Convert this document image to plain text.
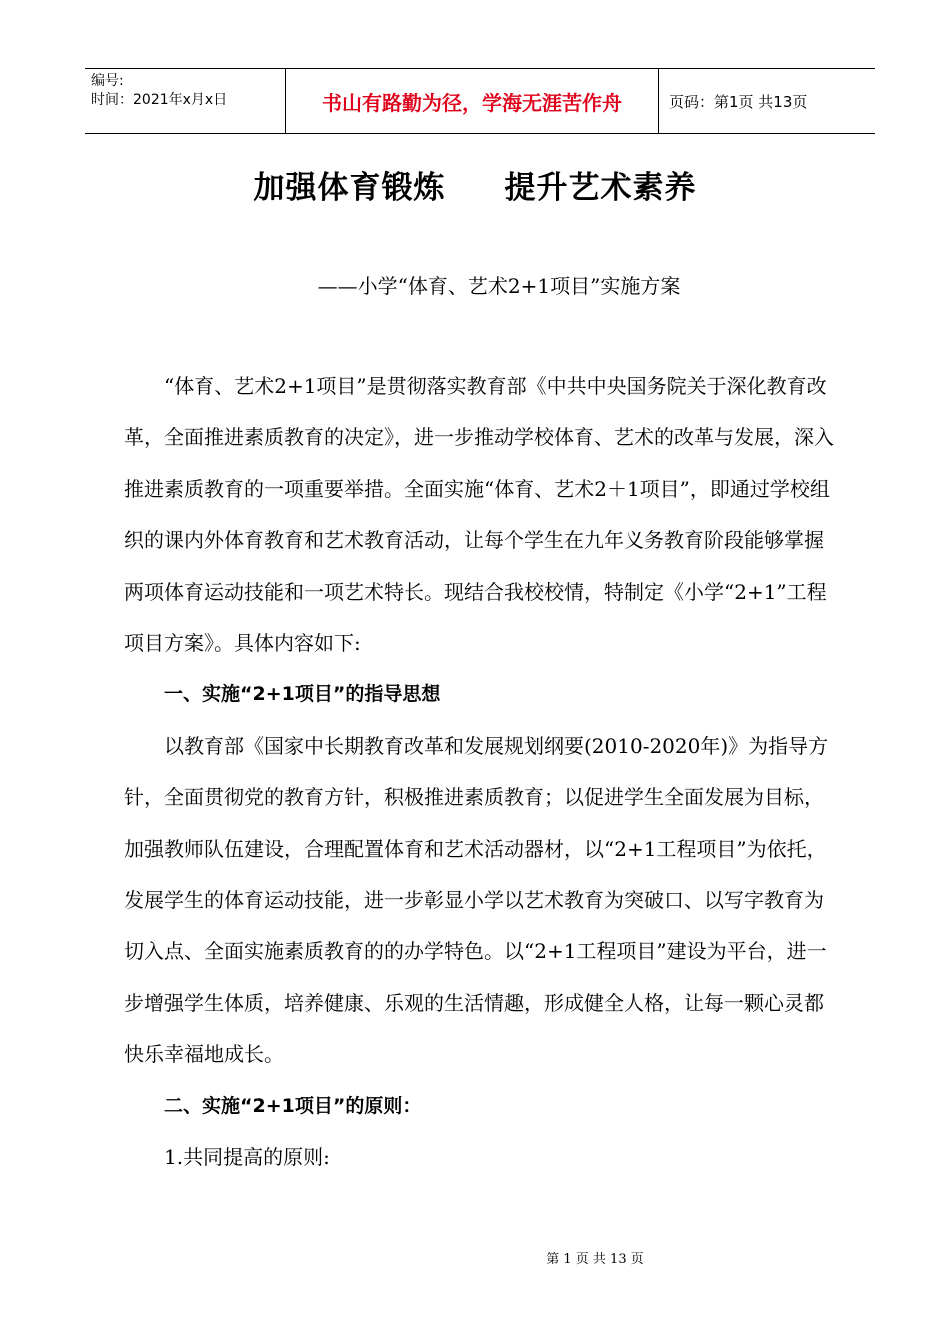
编号:
时间：2021年x月x日	书山有路勤为径，学海无涯苦作舟	页码：第1页 共13页
加强体育锻炼     提升艺术素养
——小学“体育、艺术2+1项目”实施方案

“体育、艺术2+1项目”是贯彻落实教育部《中共中央国务院关于深化教育改革，全面推进素质教育的决定》，进一步推动学校体育、艺术的改革与发展，深入推进素质教育的一项重要举措。全面实施“体育、艺术2＋1项目”，即通过学校组织的课内外体育教育和艺术教育活动，让每个学生在九年义务教育阶段能够掌握两项体育运动技能和一项艺术特长。现结合我校校情，特制定《小学“2+1”工程项目方案》。具体内容如下:

一、实施“2+1项目”的指导思想

以教育部《国家中长期教育改革和发展规划纲要(2010-2020年)》为指导方针，全面贯彻党的教育方针，积极推进素质教育；以促进学生全面发展为目标，加强教师队伍建设，合理配置体育和艺术活动器材，以“2+1工程项目”为依托，发展学生的体育运动技能，进一步彰显小学以艺术教育为突破口、以写字教育为切入点、全面实施素质教育的的办学特色。以“2+1工程项目”建设为平台，进一步增强学生体质，培养健康、乐观的生活情趣，形成健全人格，让每一颗心灵都快乐幸福地成长。

二、实施“2+1项目”的原则：

1.共同提高的原则:

第 1 页 共 13 页
